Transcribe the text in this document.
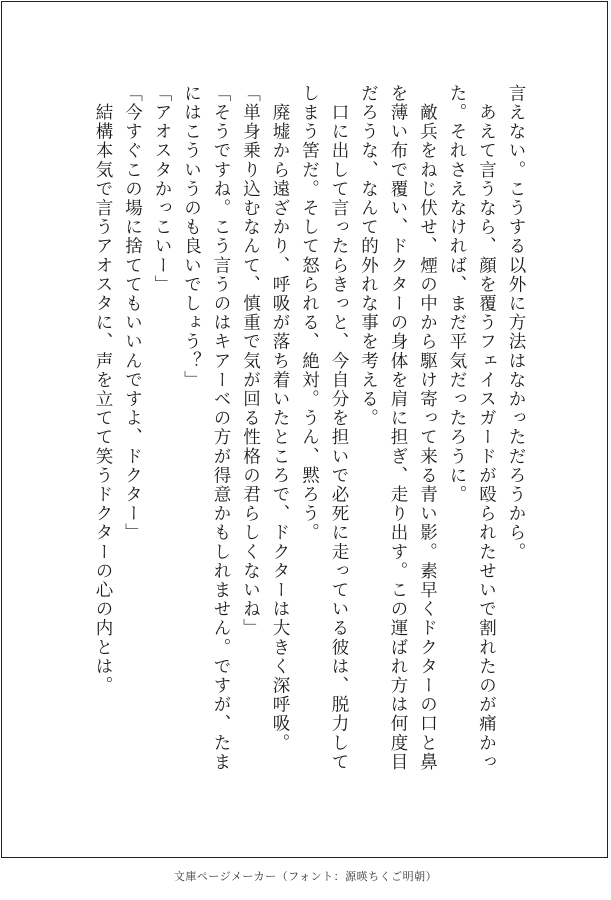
言えない。こうする以外に方法はなかっただろうから。

　あえて言うなら、顔を覆うフェイスガードが殴られたせいで割れたのが痛かっ

た。それさえなければ、まだ平気だったろうに。

　敵兵をねじ伏せ、煙の中から駆け寄って来る青い影。素早くドクターの口と鼻

を薄い布で覆い、ドクターの身体を肩に担ぎ、走り出す。この運ばれ方は何度目

だろうな、なんて的外れな事を考える。

　口に出して言ったらきっと、今自分を担いで必死に走っている彼は、脱力して

しまう筈だ。そして怒られる、絶対。うん、黙ろう。

　廃墟から遠ざかり、呼吸が落ち着いたところで、ドクターは大きく深呼吸。

「単身乗り込むなんて、慎重で気が回る性格の君らしくないね」

「そうですね。こう言うのはキアーベの方が得意かもしれません。ですが、たま

にはこういうのも良いでしょう？」

「アオスタかっこいー」

「今すぐこの場に捨ててもいいんですよ、ドクター」

　結構本気で言うアオスタに、声を立てて笑うドクターの心の内とは。

文庫ページメーカー（フォント：源暎ちくご明朝）
